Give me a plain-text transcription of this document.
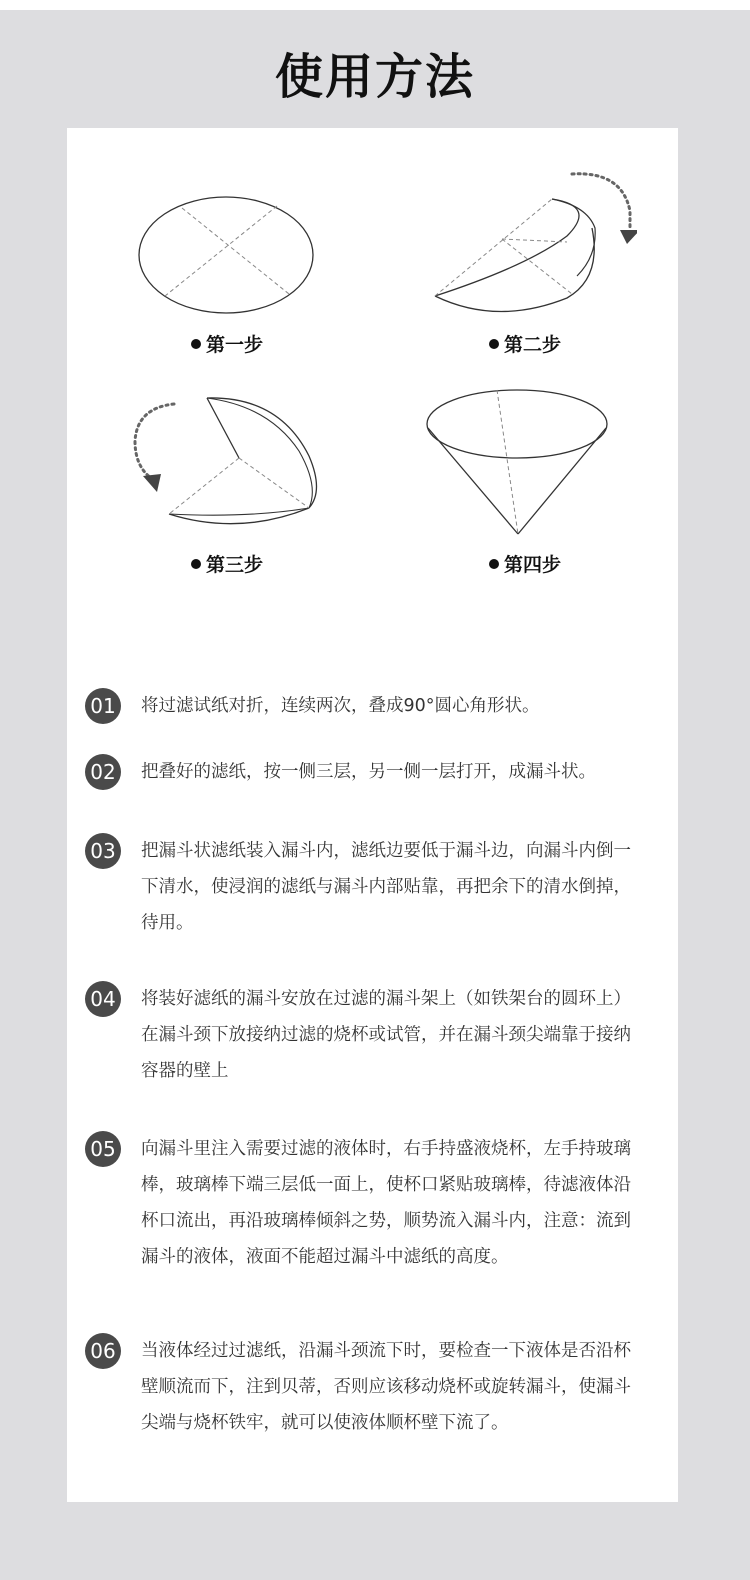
使用方法
第一步	第二步
第三步	第四步
01	将过滤试纸对折，连续两次，叠成90°圆心角形状。
02	把叠好的滤纸，按一侧三层，另一侧一层打开，成漏斗状。
03	把漏斗状滤纸装入漏斗内，滤纸边要低于漏斗边，向漏斗内倒一下清水，使浸润的滤纸与漏斗内部贴靠，再把余下的清水倒掉，待用。
04	将装好滤纸的漏斗安放在过滤的漏斗架上（如铁架台的圆环上）在漏斗颈下放接纳过滤的烧杯或试管，并在漏斗颈尖端靠于接纳容器的壁上
05	向漏斗里注入需要过滤的液体时，右手持盛液烧杯，左手持玻璃棒，玻璃棒下端三层低一面上，使杯口紧贴玻璃棒，待滤液体沿杯口流出，再沿玻璃棒倾斜之势，顺势流入漏斗内，注意：流到漏斗的液体，液面不能超过漏斗中滤纸的高度。
06	当液体经过过滤纸，沿漏斗颈流下时，要检查一下液体是否沿杯壁顺流而下，注到贝蒂，否则应该移动烧杯或旋转漏斗，使漏斗尖端与烧杯铁牢，就可以使液体顺杯壁下流了。
